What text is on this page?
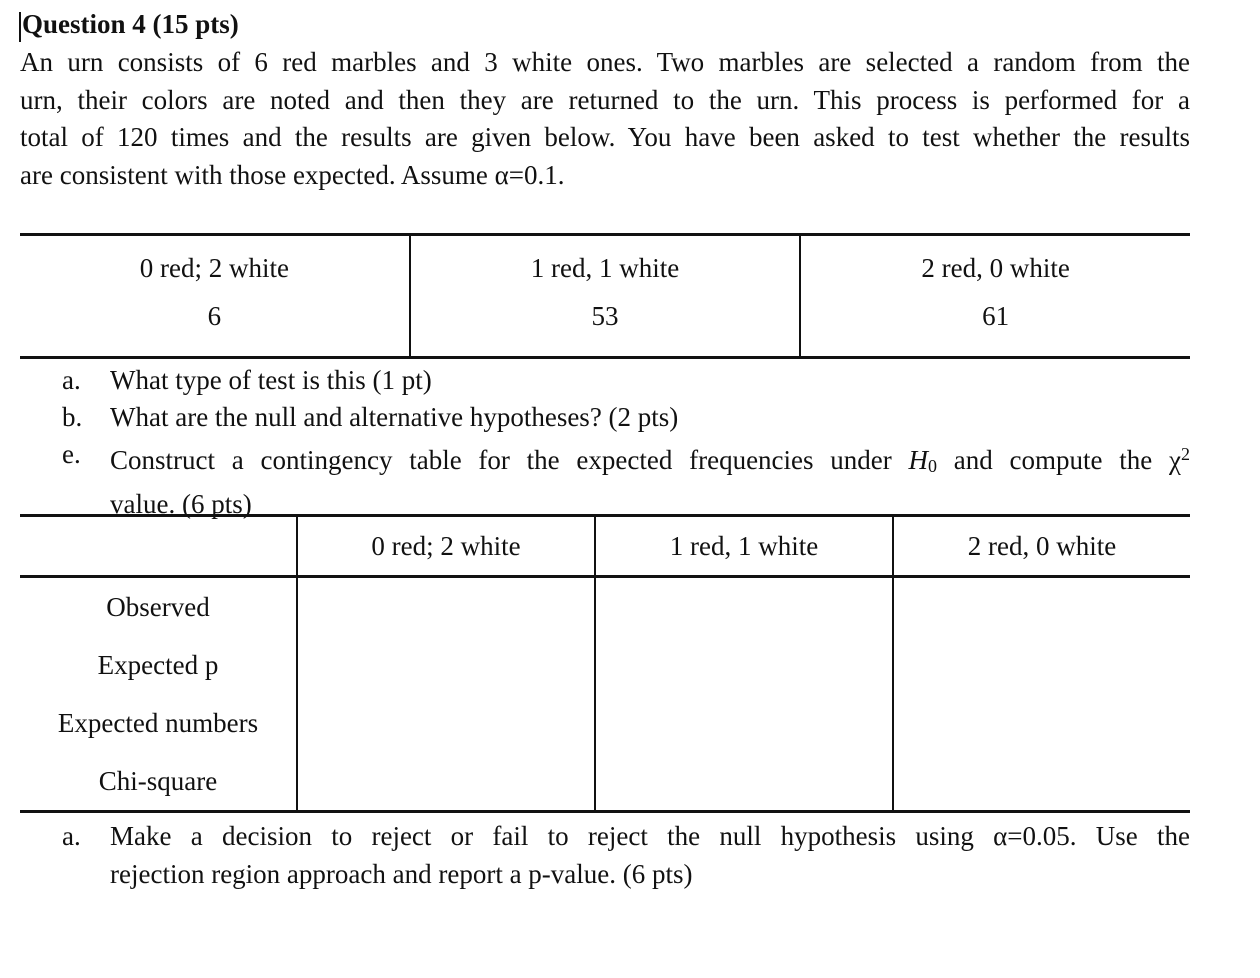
Question 4 (15 pts)
An urn consists of 6 red marbles and 3 white ones. Two marbles are selected a random from the
urn, their colors are noted and then they are returned to the urn. This process is performed for a
total of 120 times and the results are given below. You have been asked to test whether the results
are consistent with those expected. Assume α=0.1.
0 red; 2 white	1 red, 1 white	2 red, 0 white
6	53	61
a.	What type of test is this (1 pt)
b.	What are the null and alternative hypotheses? (2 pts)
e.	Construct a contingency table for the expected frequencies under H0 and compute the $\chi^2$
value. (6 pts)
	0 red; 2 white	1 red, 1 white	2 red, 0 white
Observed			
Expected p			
Expected numbers			
Chi-square			
a.	Make a decision to reject or fail to reject the null hypothesis using α=0.05. Use the
rejection region approach and report a p-value. (6 pts)
